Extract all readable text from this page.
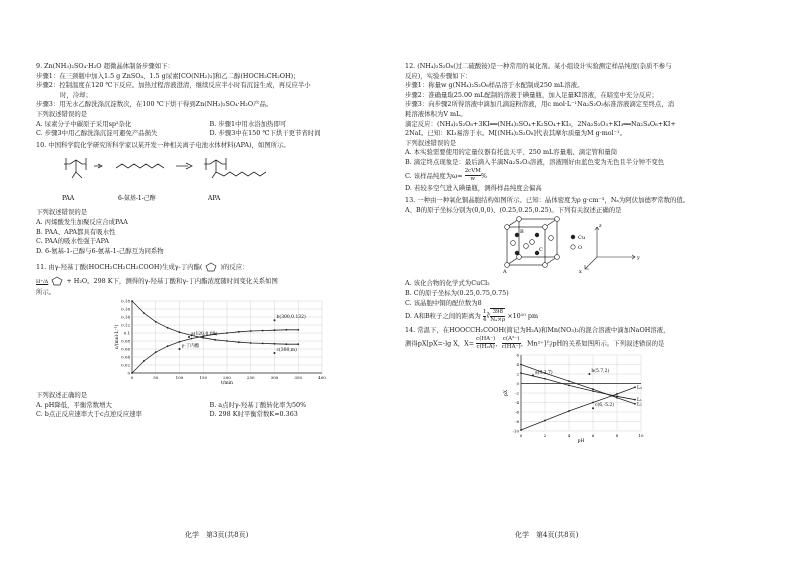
9. Zn(NH₃)₂SO₄·H₂O 超微晶体制备步骤如下：

步骤1：在三颈瓶中加入1.5 g ZnSO₄、1.5 g尿素[CO(NH₂)₂]和乙二醇(HOCH₂CH₂OH)；

步骤2：控制温度在120 ℃下反应。加热过程溶液澄清，继续反应半小时有沉淀生成，再反应半小

时，冷却；

步骤3：用无水乙醇洗涤沉淀数次，在100 ℃下烘干得到Zn(NH₃)₂SO₄·H₂O产品。

下列叙述错误的是

A. 尿素分子中碳原子采用sp²杂化	B. 步骤1中用水浴加热即可
C. 步骤3中用乙醇洗涤沉淀可避免产品损失	D. 步骤3中在150 ℃下烘干更节省时间

10. 中国科学院化学研究所科学家以某开发一种相关离子电池水体材料(APA)，如图所示。

PAA	6-氨基-1-己醇	APA

下列叙述错误的是

A. 丙烯酸发生加聚反应合成PAA

B. PAA、APA都具有吸水性

C. PAA的吸水性强于APA

D. 6-氨基-1-己醇与6-氨基-1-己醇互为同系物

11. 由γ-羟基丁酸(HOCH₂CH₂CH₂COOH)生成γ-丁内酯(	)的反应：

H⁺/Δ	+ H₂O。298 K下，测得的γ-羟基丁酸和γ-丁内酯浓度随时间变化关系如图

所示。

0	50	100	150	200	250	300	350	400
0
0.02
0.04
0.06
0.08
0.1
0.12
0.14
0.16
0.18
t/min
c/(mol·L⁻¹)	a(120,0.09)
b(300,0.132)
c(300,m)
γ-丁内酯

下列叙述正确的是

A. pH降低，平衡常数增大	B. a点时γ-羟基丁酸转化率为50%
C. b点正反应速率大于c点逆反应速率	D. 298 K时平衡常数K=0.363
化学　第3页(共8页)

12. (NH₄)₂S₂O₈(过二硫酸铵)是一种常用的氧化剂。某小组设计实验测定样品纯度(杂质不参与

反应)，实验步骤如下：

步骤1：称量w g(NH₄)₂S₂O₈样品溶于水配制成250 mL溶液。

步骤2：准确量取25.00 mL配制的溶液于碘量瓶，加入足量KI溶液，在暗室中充分反应；

步骤3：向步骤2所得溶液中滴加几滴淀粉溶液，用c mol·L⁻¹Na₂S₂O₃标准溶液滴定至终点，消

耗溶液体积为V mL。

滴定反应：(NH₄)₂S₂O₈+3KI══(NH₄)₂SO₄+K₂SO₄+KI₃，2Na₂S₂O₃+KI₃══Na₂S₄O₆+KI+

2NaI。已知：KI₃易溶于水。M[(NH₄)₂S₂O₈]代表其摩尔质量为M g·mol⁻¹。

下列叙述错误的是

A. 本实验需要使用的定量仪器有托盘天平、250 mL容量瓶、滴定管和量筒

B. 滴定终点现象是：最后滴入半滴Na₂S₂O₃溶液，溶液刚好由蓝色变为无色且半分钟不变色

C. 该样品纯度为ω=
2cVM
w %

D. 若较多空气进入碘量瓶，测得样品纯度会偏高

13. 一种由一种氧化铜晶胞结构如图所示。已知：晶体密度为ρ g·cm⁻³，Nₐ为阿伏加德罗常数的值。

A、B的原子坐标分别为(0,0,0)、(0.25,0.25,0.25)。下列有关叙述正确的是

A
B
C
Cu
O
y
z
x

A. 该化合物的化学式为CuCl₂

B. C的原子坐标为(0.25,0.75,0.75)

C. 该晶胞中铜的配位数为8

D. A和B粒子之间的距离为 $\frac{1}{4}$ ∛ $\frac{398}{\text{Nₐ×ρ}} \times 10^{10}$ pm

14. 常温下，在HOOCCH₂COOH(简记为H₂A)和Mn(NO₃)₂的混合溶液中滴加NaOH溶液，

测得pX[pX=-lg X，$X= \frac{c(HA^-)}{\text{c(H₂A)}}$ 、 $\frac{\text{c(A²⁻)}}{c(HA^-)}$ 、Mn²⁺]与pH的关系如图所示。下列叙述错误的是

0	2	4	6	8	10
-10
-8
-6
-4
-2
0
2
4
6
pH
pX
L₁
L₂
L₃
a(0,1.7)	b(5.7,2)
c(6,-5.2)
化学　第4页(共8页)
